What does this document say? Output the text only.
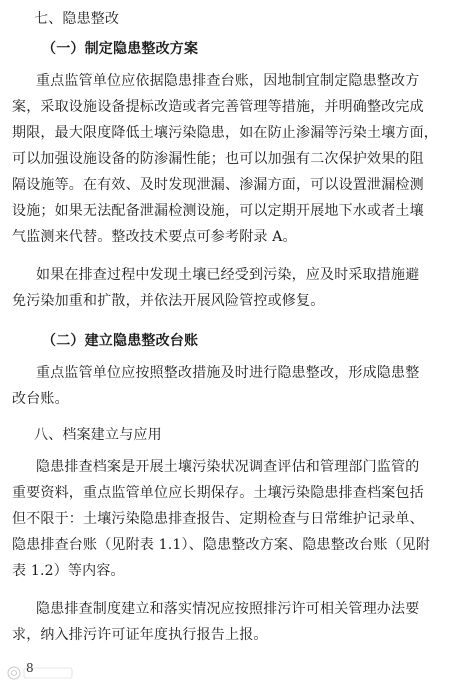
七、隐患整改
（一）制定隐患整改方案
重点监管单位应依据隐患排查台账，因地制宜制定隐患整改方
案，采取设施设备提标改造或者完善管理等措施，并明确整改完成
期限，最大限度降低土壤污染隐患，如在防止渗漏等污染土壤方面，
可以加强设施设备的防渗漏性能；也可以加强有二次保护效果的阻
隔设施等。在有效、及时发现泄漏、渗漏方面，可以设置泄漏检测
设施；如果无法配备泄漏检测设施，可以定期开展地下水或者土壤
气监测来代替。整改技术要点可参考附录 A。
如果在排查过程中发现土壤已经受到污染，应及时采取措施避
免污染加重和扩散，并依法开展风险管控或修复。
（二）建立隐患整改台账
重点监管单位应按照整改措施及时进行隐患整改，形成隐患整
改台账。
八、档案建立与应用
隐患排查档案是开展土壤污染状况调查评估和管理部门监管的
重要资料，重点监管单位应长期保存。土壤污染隐患排查档案包括
但不限于：土壤污染隐患排查报告、定期检查与日常维护记录单、
隐患排查台账（见附表 1.1）、隐患整改方案、隐患整改台账（见附
表 1.2）等内容。
隐患排查制度建立和落实情况应按照排污许可相关管理办法要
求，纳入排污许可证年度执行报告上报。
8
